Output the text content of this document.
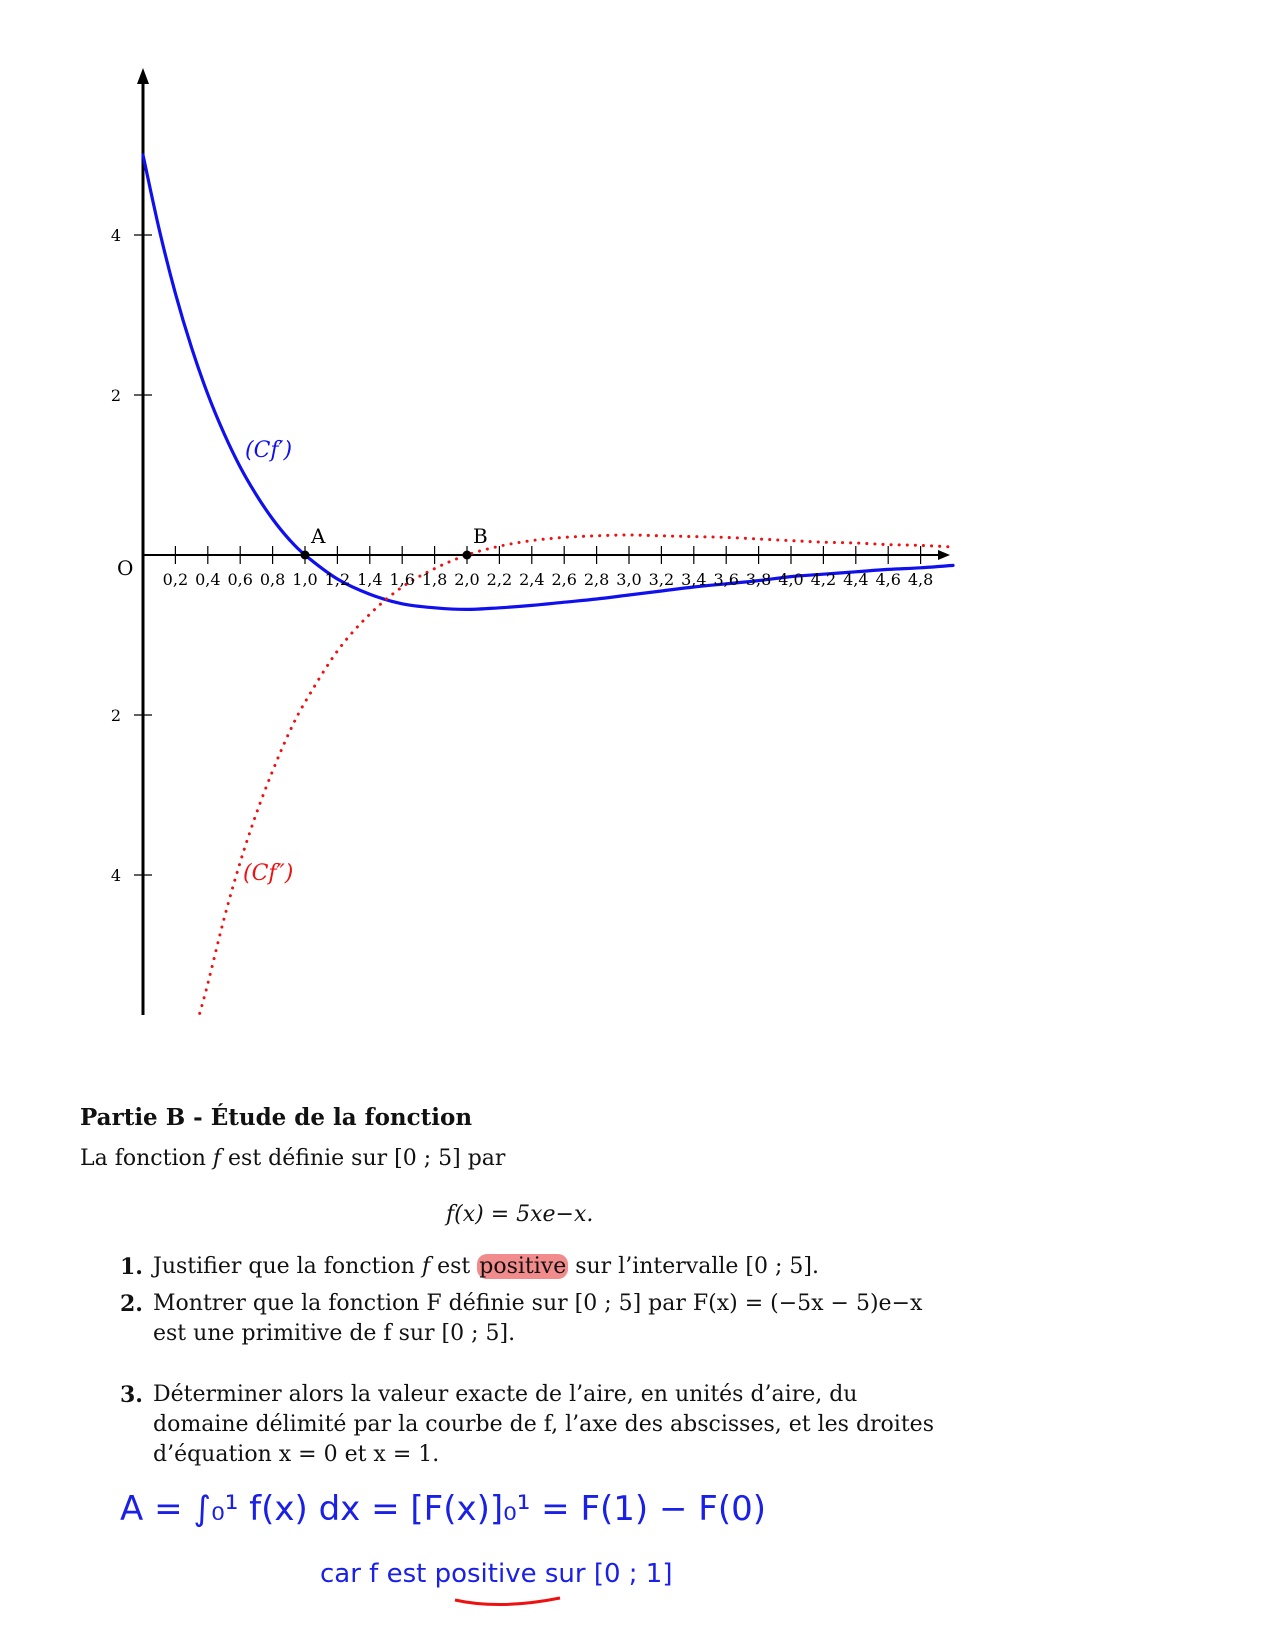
O 0,2 0,4 0,6 0,8 1,0 1,2 1,4 1,6 1,8 2,0 2,2 2,4 2,6 2,8 3,0 3,2 3,4 3,6 3,8 4,0 4,2 4,4 4,6 4,8
4
2
2
4
(Cf′)
(Cf″)
A	B
Partie B - Étude de la fonction
La fonction f est définie sur [0 ; 5] par
f(x) = 5xe−x.
1. Justifier que la fonction f est positive sur l’intervalle [0 ; 5].
2. Montrer que la fonction F définie sur [0 ; 5] par F(x) = (−5x − 5)e−x est une primitive de f sur [0 ; 5].
3. Déterminer alors la valeur exacte de l’aire, en unités d’aire, du domaine délimité par la courbe de f, l’axe des abscisses, et les droites d’équation x = 0 et x = 1.
A = ∫₀¹ f(x) dx = [F(x)]₀¹ = F(1) − F(0)
car f est positive sur [0 ; 1]
